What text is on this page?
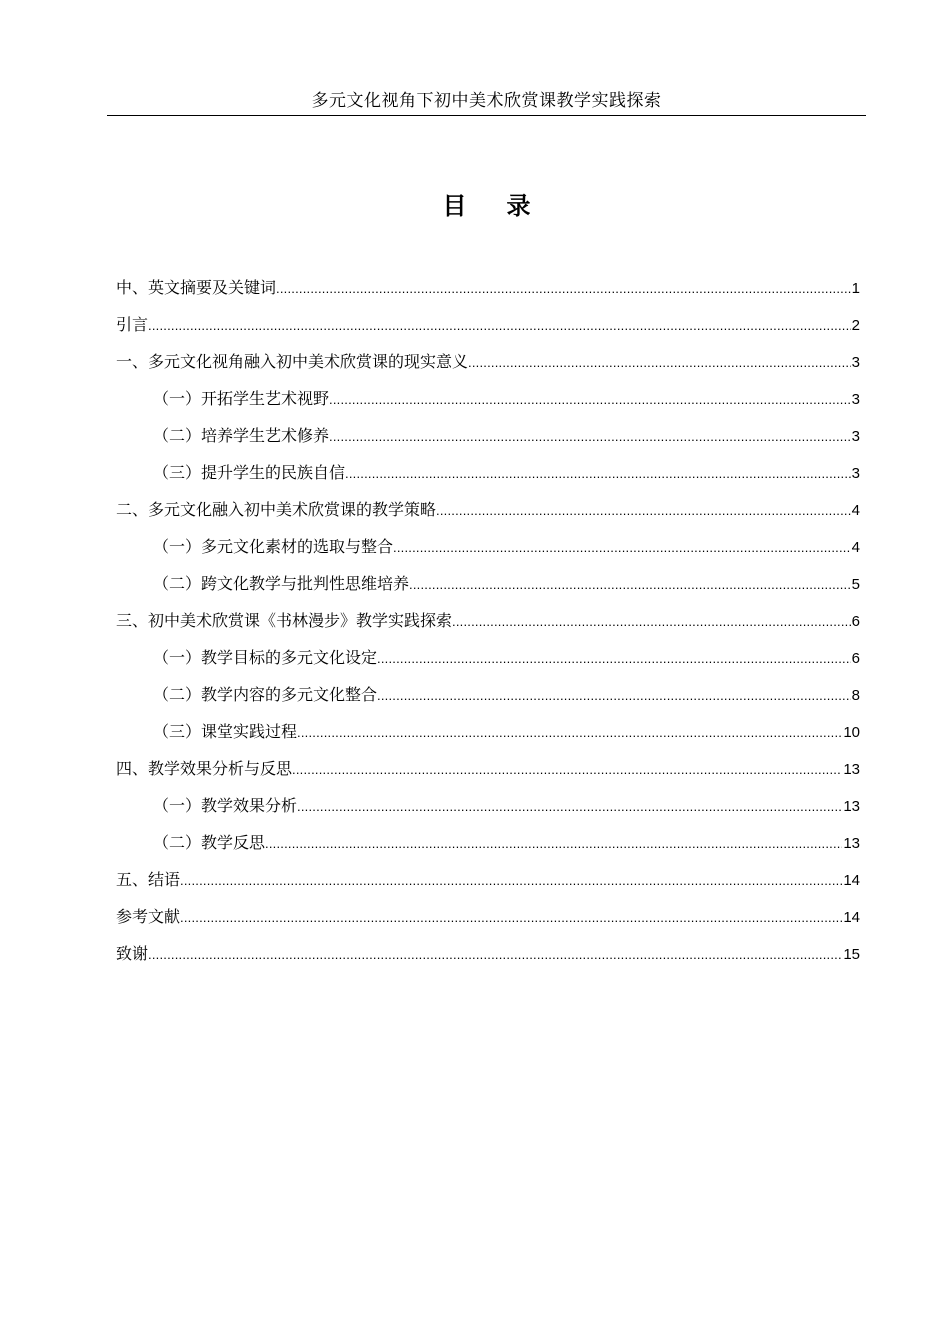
多元文化视角下初中美术欣赏课教学实践探索
目录
中、英文摘要及关键词 .....	1
引言 .....	2
一、多元文化视角融入初中美术欣赏课的现实意义 .....	3
（一）开拓学生艺术视野 .....	3
（二）培养学生艺术修养 .....	3
（三）提升学生的民族自信 .....	3
二、多元文化融入初中美术欣赏课的教学策略 .....	4
（一）多元文化素材的选取与整合 .....	4
（二）跨文化教学与批判性思维培养 .....	5
三、初中美术欣赏课《书林漫步》教学实践探索 .....	6
（一）教学目标的多元文化设定 .....	6
（二）教学内容的多元文化整合 .....	8
（三）课堂实践过程 .....	10
四、教学效果分析与反思 .....	13
（一）教学效果分析 .....	13
（二）教学反思 .....	13
五、结语 .....	14
参考文献 .....	14
致谢 .....	15
